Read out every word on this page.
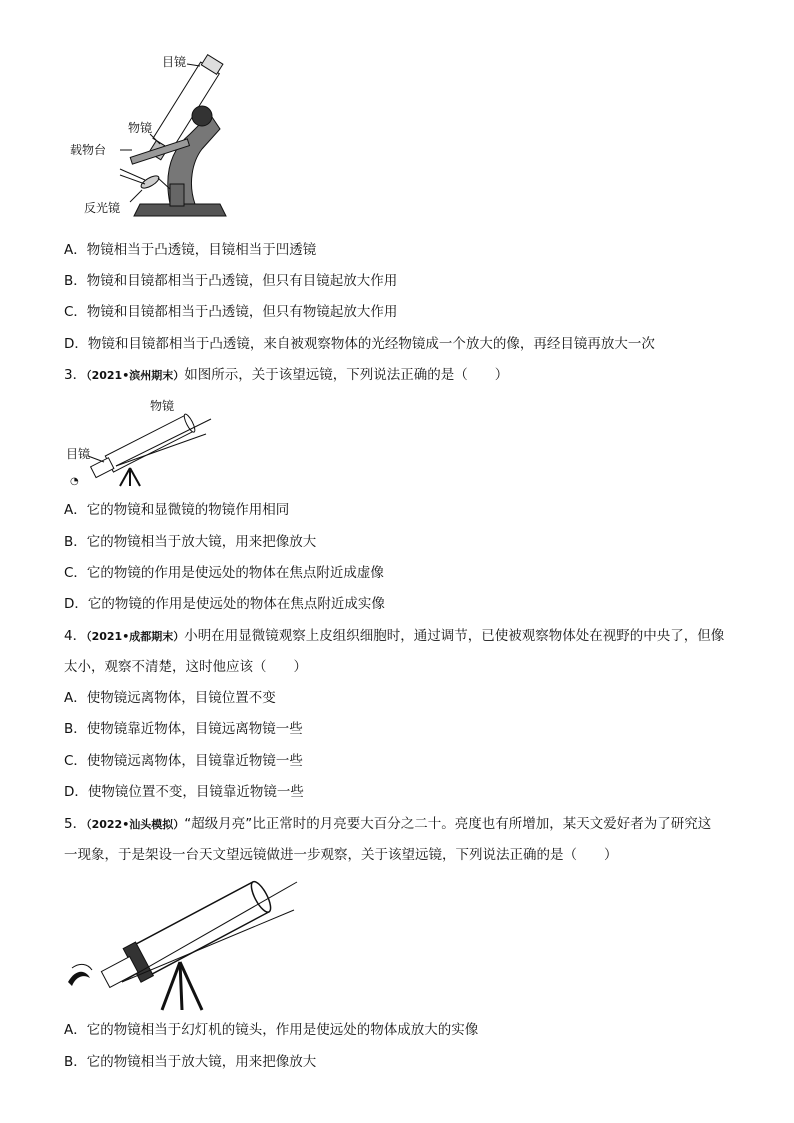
目镜
物镜
载物台
反光镜
A．物镜相当于凸透镜，目镜相当于凹透镜
B．物镜和目镜都相当于凸透镜，但只有目镜起放大作用
C．物镜和目镜都相当于凸透镜，但只有物镜起放大作用
D．物镜和目镜都相当于凸透镜，来自被观察物体的光经物镜成一个放大的像，再经目镜再放大一次
3．（2021•滨州期末）如图所示，关于该望远镜，下列说法正确的是（　　）
◔
物镜
目镜
A．它的物镜和显微镜的物镜作用相同
B．它的物镜相当于放大镜，用来把像放大
C．它的物镜的作用是使远处的物体在焦点附近成虚像
D．它的物镜的作用是使远处的物体在焦点附近成实像
4．（2021•成都期末）小明在用显微镜观察上皮组织细胞时，通过调节，已使被观察物体处在视野的中央了，但像
太小，观察不清楚，这时他应该（　　）
A．使物镜远离物体，目镜位置不变
B．使物镜靠近物体，目镜远离物镜一些
C．使物镜远离物体，目镜靠近物镜一些
D．使物镜位置不变，目镜靠近物镜一些
5．（2022•汕头模拟）“超级月亮”比正常时的月亮要大百分之二十。亮度也有所增加，某天文爱好者为了研究这
一现象，于是架设一台天文望远镜做进一步观察，关于该望远镜，下列说法正确的是（　　）
A．它的物镜相当于幻灯机的镜头，作用是使远处的物体成放大的实像
B．它的物镜相当于放大镜，用来把像放大
